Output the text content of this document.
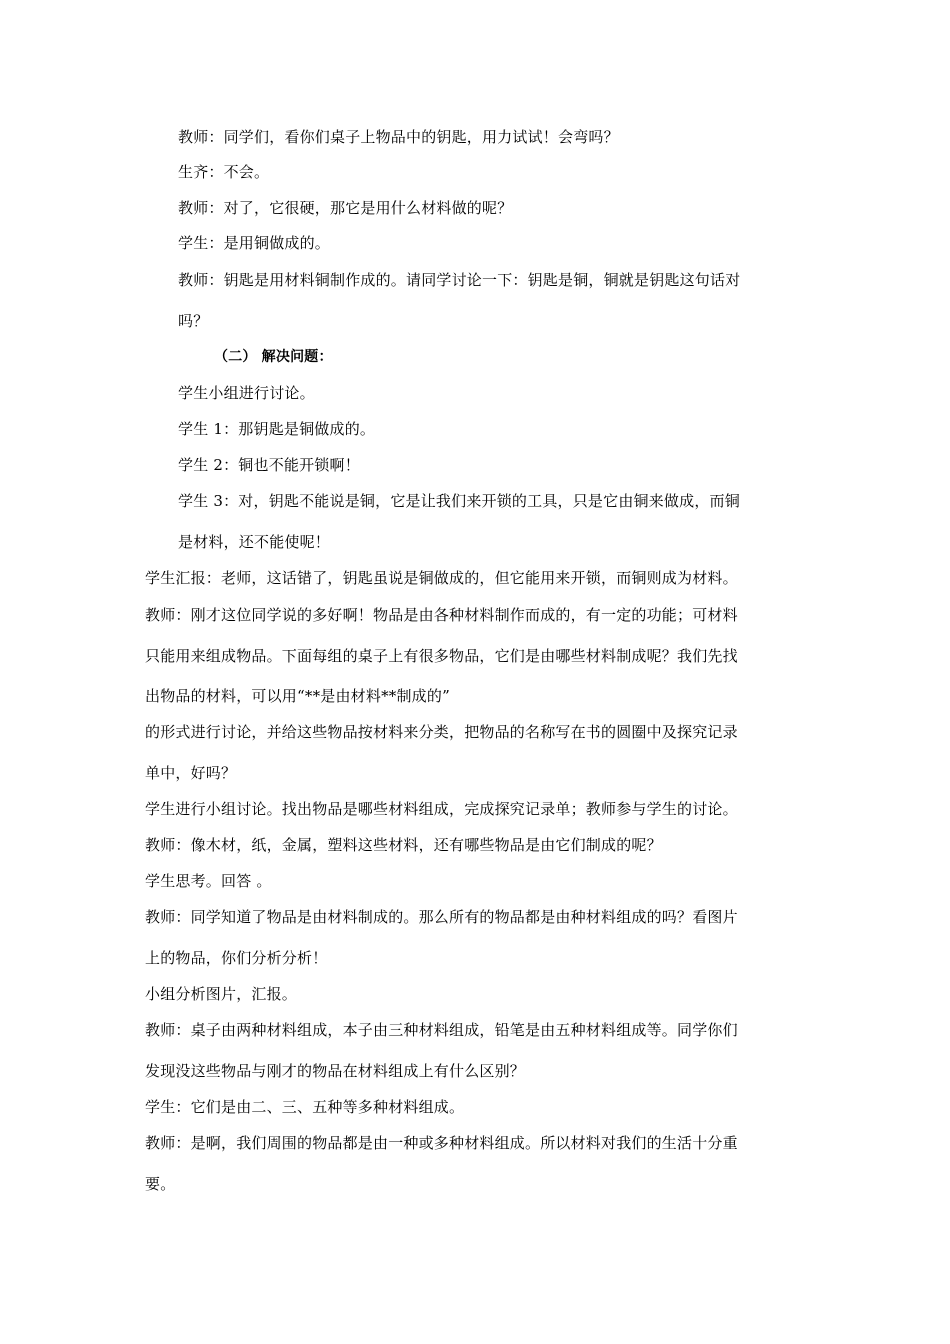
教师：同学们，看你们桌子上物品中的钥匙，用力试试！会弯吗？
生齐：不会。
教师：对了，它很硬，那它是用什么材料做的呢？
学生：是用铜做成的。
教师：钥匙是用材料铜制作成的。请同学讨论一下：钥匙是铜，铜就是钥匙这句话对
吗？
（二） 解决问题：
学生小组进行讨论。
学生 1：那钥匙是铜做成的。
学生 2：铜也不能开锁啊！
学生 3：对，钥匙不能说是铜，它是让我们来开锁的工具，只是它由铜来做成，而铜
是材料，还不能使呢！
学生汇报：老师，这话错了，钥匙虽说是铜做成的，但它能用来开锁，而铜则成为材料。
教师：刚才这位同学说的多好啊！物品是由各种材料制作而成的，有一定的功能；可材料
只能用来组成物品。下面每组的桌子上有很多物品，它们是由哪些材料制成呢？我们先找
出物品的材料，可以用“**是由材料**制成的”
的形式进行讨论，并给这些物品按材料来分类，把物品的名称写在书的圆圈中及探究记录
单中，好吗？
学生进行小组讨论。找出物品是哪些材料组成，完成探究记录单；教师参与学生的讨论。
教师：像木材，纸，金属，塑料这些材料，还有哪些物品是由它们制成的呢？
学生思考。回答 。
教师：同学知道了物品是由材料制成的。那么所有的物品都是由种材料组成的吗？看图片
上的物品，你们分析分析！
小组分析图片，汇报。
教师：桌子由两种材料组成，本子由三种材料组成，铅笔是由五种材料组成等。同学你们
发现没这些物品与刚才的物品在材料组成上有什么区别？
学生：它们是由二、三、五种等多种材料组成。
教师：是啊，我们周围的物品都是由一种或多种材料组成。所以材料对我们的生活十分重
要。
